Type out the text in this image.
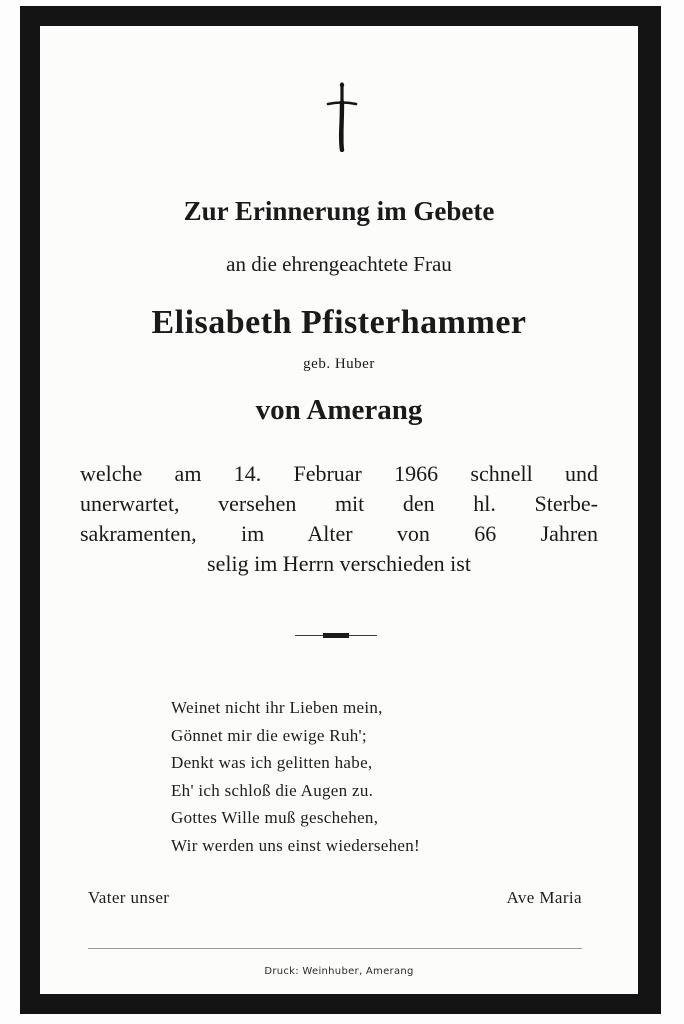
Zur Erinnerung im Gebete
an die ehrengeachtete Frau
Elisabeth Pfisterhammer
geb. Huber
von Amerang
welche am 14. Februar 1966 schnell und
unerwartet, versehen mit den hl. Sterbe-
sakramenten, im Alter von 66 Jahren
selig im Herrn verschieden ist
Weinet nicht ihr Lieben mein,
Gönnet mir die ewige Ruh';
Denkt was ich gelitten habe,
Eh' ich schloß die Augen zu.
Gottes Wille muß geschehen,
Wir werden uns einst wiedersehen!
Vater unser	Ave Maria
Druck: Weinhuber, Amerang
